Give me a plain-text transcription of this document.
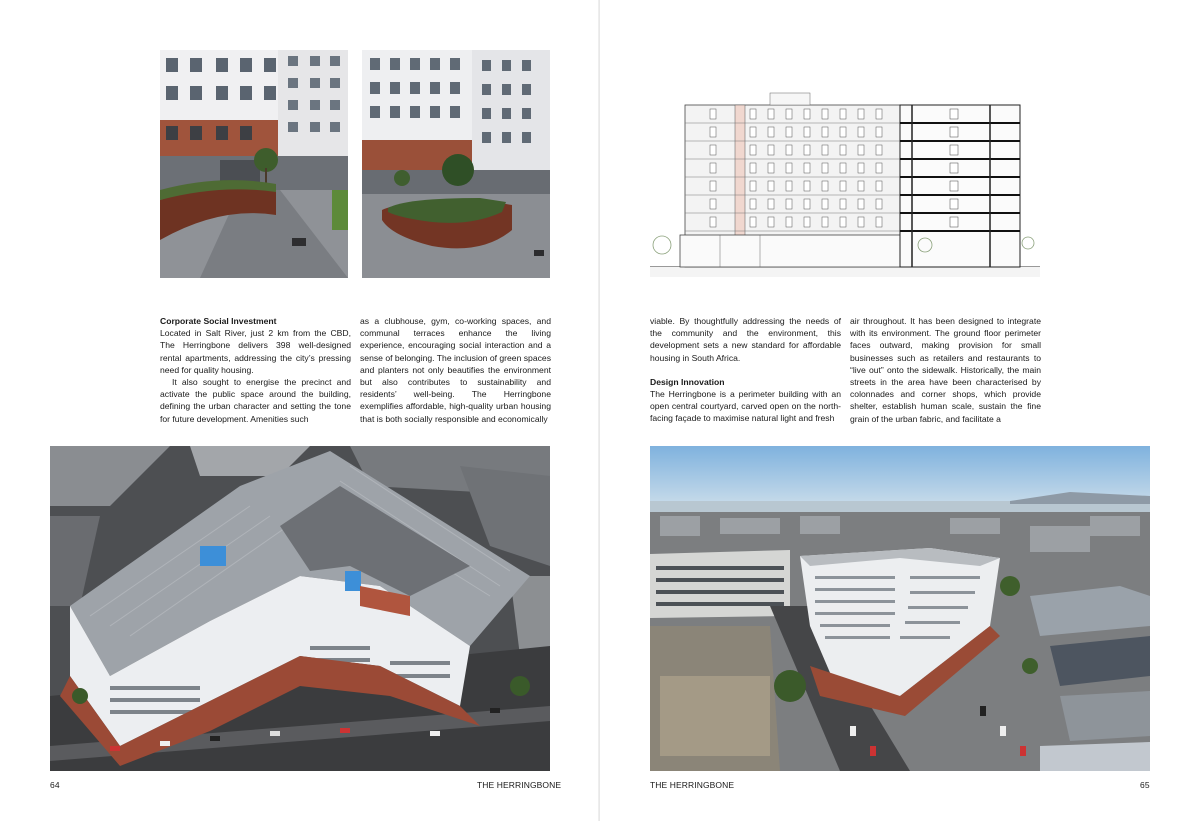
Corporate Social Investment

Located in Salt River, just 2 km from the CBD, The Herringbone delivers 398 well-designed rental apartments, addressing the city’s pressing need for quality housing.

It also sought to energise the precinct and activate the public space around the building, defining the urban character and setting the tone for future development. Amenities such

as a clubhouse, gym, co-working spaces, and communal terraces enhance the living experience, encouraging social interaction and a sense of belonging. The inclusion of green spaces and planters not only beautifies the environment but also contributes to sustainability and residents’ well-being. The Herringbone exemplifies affordable, high-quality urban housing that is both socially responsible and economically

64	THE HERRINGBONE

viable. By thoughtfully addressing the needs of the community and the environment, this development sets a new standard for affordable housing in South Africa.

Design Innovation

The Herringbone is a perimeter building with an open central courtyard, carved open on the north-facing façade to maximise natural light and fresh

air throughout. It has been designed to integrate with its environment. The ground floor perimeter faces outward, making provision for small businesses such as retailers and restaurants to “live out” onto the sidewalk. Historically, the main streets in the area have been characterised by colonnades and corner shops, which provide shelter, establish human scale, sustain the fine grain of the urban fabric, and facilitate a

THE HERRINGBONE	65
